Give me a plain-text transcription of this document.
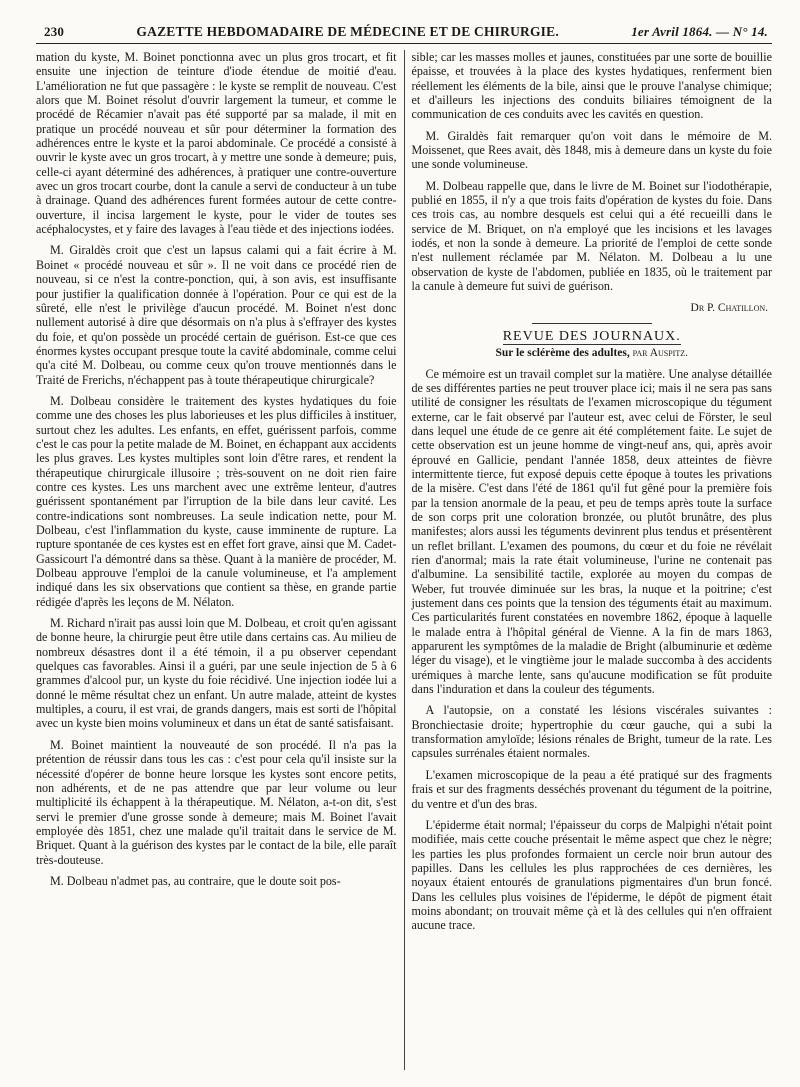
230	GAZETTE HEBDOMADAIRE DE MÉDECINE ET DE CHIRURGIE.	1er Avril 1864. — N° 14.

mation du kyste, M. Boinet ponctionna avec un plus gros trocart, et fit ensuite une injection de teinture d'iode étendue de moitié d'eau. L'amélioration ne fut que passagère : le kyste se remplit de nouveau. C'est alors que M. Boinet résolut d'ouvrir largement la tumeur, et comme le procédé de Récamier n'avait pas été supporté par sa malade, il mit en pratique un procédé nouveau et sûr pour déterminer la formation des adhérences entre le kyste et la paroi abdominale. Ce procédé a consisté à ouvrir le kyste avec un gros trocart, à y mettre une sonde à demeure; puis, celle-ci ayant déterminé des adhérences, à pratiquer une contre-ouverture avec un gros trocart courbe, dont la canule a servi de conducteur à un tube à drainage. Quand des adhérences furent formées autour de cette contre-ouverture, il incisa largement le kyste, pour le vider de toutes ses acéphalocystes, et y faire des lavages à l'eau tiède et des injections iodées.

M. Giraldès croit que c'est un lapsus calami qui a fait écrire à M. Boinet « procédé nouveau et sûr ». Il ne voit dans ce procédé rien de nouveau, si ce n'est la contre-ponction, qui, à son avis, est insuffisante pour justifier la qualification donnée à l'opération. Pour ce qui est de la sûreté, elle n'est le privilège d'aucun procédé. M. Boinet n'est donc nullement autorisé à dire que désormais on n'a plus à s'effrayer des kystes du foie, et qu'on possède un procédé certain de guérison. Est-ce que ces énormes kystes occupant presque toute la cavité abdominale, comme celui qu'a cité M. Dolbeau, ou comme ceux qu'on trouve mentionnés dans le Traité de Frerichs, n'échappent pas à toute thérapeutique chirurgicale?

M. Dolbeau considère le traitement des kystes hydatiques du foie comme une des choses les plus laborieuses et les plus difficiles à instituer, surtout chez les adultes. Les enfants, en effet, guérissent parfois, comme c'est le cas pour la petite malade de M. Boinet, en échappant aux accidents les plus graves. Les kystes multiples sont loin d'être rares, et rendent la thérapeutique chirurgicale illusoire ; très-souvent on ne doit rien faire contre ces kystes. Les uns marchent avec une extrême lenteur, d'autres guérissent spontanément par l'irruption de la bile dans leur cavité. Les contre-indications sont nombreuses. La seule indication nette, pour M. Dolbeau, c'est l'inflammation du kyste, cause imminente de rupture. La rupture spontanée de ces kystes est en effet fort grave, ainsi que M. Cadet-Gassicourt l'a démontré dans sa thèse. Quant à la manière de procéder, M. Dolbeau approuve l'emploi de la canule volumineuse, et l'a amplement indiqué dans les six observations que contient sa thèse, en grande partie rédigée d'après les leçons de M. Nélaton.

M. Richard n'irait pas aussi loin que M. Dolbeau, et croit qu'en agissant de bonne heure, la chirurgie peut être utile dans certains cas. Au milieu de nombreux désastres dont il a été témoin, il a pu observer cependant quelques cas favorables. Ainsi il a guéri, par une seule injection de 5 à 6 grammes d'alcool pur, un kyste du foie récidivé. Une injection iodée lui a donné le même résultat chez un enfant. Un autre malade, atteint de kystes multiples, a couru, il est vrai, de grands dangers, mais est sorti de l'hôpital avec un kyste bien moins volumineux et dans un état de santé satisfaisant.

M. Boinet maintient la nouveauté de son procédé. Il n'a pas la prétention de réussir dans tous les cas : c'est pour cela qu'il insiste sur la nécessité d'opérer de bonne heure lorsque les kystes sont encore petits, non adhérents, et de ne pas attendre que par leur volume ou leur multiplicité ils échappent à la thérapeutique. M. Nélaton, a-t-on dit, s'est servi le premier d'une grosse sonde à demeure; mais M. Boinet l'avait employée dès 1851, chez une malade qu'il traitait dans le service de M. Briquet. Quant à la guérison des kystes par le contact de la bile, elle paraît très-douteuse.

M. Dolbeau n'admet pas, au contraire, que le doute soit pos-

sible; car les masses molles et jaunes, constituées par une sorte de bouillie épaisse, et trouvées à la place des kystes hydatiques, renferment bien réellement les éléments de la bile, ainsi que le prouve l'analyse chimique; et d'ailleurs les injections des conduits biliaires témoignent de la communication de ces conduits avec les cavités en question.

M. Giraldès fait remarquer qu'on voit dans le mémoire de M. Moissenet, que Rees avait, dès 1848, mis à demeure dans un kyste du foie une sonde volumineuse.

M. Dolbeau rappelle que, dans le livre de M. Boinet sur l'iodothérapie, publié en 1855, il n'y a que trois faits d'opération de kystes du foie. Dans ces trois cas, au nombre desquels est celui qui a été recueilli dans le service de M. Briquet, on n'a employé que les incisions et les lavages iodés, et non la sonde à demeure. La priorité de l'emploi de cette sonde n'est nullement réclamée par M. Nélaton. M. Dolbeau a lu une observation de kyste de l'abdomen, publiée en 1835, où le traitement par la canule à demeure fut suivi de guérison.

Dr P. Chatillon.
REVUE DES JOURNAUX.
Sur le sclérème des adultes, par Auspitz.

Ce mémoire est un travail complet sur la matière. Une analyse détaillée de ses différentes parties ne peut trouver place ici; mais il ne sera pas sans utilité de consigner les résultats de l'examen microscopique du tégument externe, car le fait observé par l'auteur est, avec celui de Förster, le seul dans lequel une étude de ce genre ait été complétement faite. Le sujet de cette observation est un jeune homme de vingt-neuf ans, qui, après avoir éprouvé en Gallicie, pendant l'année 1858, deux atteintes de fièvre intermittente tierce, fut exposé depuis cette époque à toutes les privations de la misère. C'est dans l'été de 1861 qu'il fut gêné pour la première fois par la tension anormale de la peau, et peu de temps après toute la surface de son corps prit une coloration bronzée, ou plutôt brunâtre, des plus manifestes; alors aussi les téguments devinrent plus tendus et présentèrent un reflet brillant. L'examen des poumons, du cœur et du foie ne révélait rien d'anormal; mais la rate était volumineuse, l'urine ne contenait pas d'albumine. La sensibilité tactile, explorée au moyen du compas de Weber, fut trouvée diminuée sur les bras, la nuque et la poitrine; c'est justement dans ces points que la tension des téguments était au maximum. Ces particularités furent constatées en novembre 1862, époque à laquelle le malade entra à l'hôpital général de Vienne. A la fin de mars 1863, apparurent les symptômes de la maladie de Bright (albuminurie et œdème léger du visage), et le vingtième jour le malade succomba à des accidents urémiques à marche lente, sans qu'aucune modification se fût produite dans l'induration et dans la couleur des téguments.

A l'autopsie, on a constaté les lésions viscérales suivantes : Bronchiectasie droite; hypertrophie du cœur gauche, qui a subi la transformation amyloïde; lésions rénales de Bright, tumeur de la rate. Les capsules surrénales étaient normales.

L'examen microscopique de la peau a été pratiqué sur des fragments frais et sur des fragments desséchés provenant du tégument de la poitrine, du ventre et d'un des bras.

L'épiderme était normal; l'épaisseur du corps de Malpighi n'était point modifiée, mais cette couche présentait le même aspect que chez le nègre; les parties les plus profondes formaient un cercle noir brun autour des papilles. Dans les cellules les plus rapprochées de ces dernières, les noyaux étaient entourés de granulations pigmentaires d'un brun foncé. Dans les cellules plus voisines de l'épiderme, le dépôt de pigment était moins abondant; on trouvait même çà et là des cellules qui n'en offraient aucune trace.
